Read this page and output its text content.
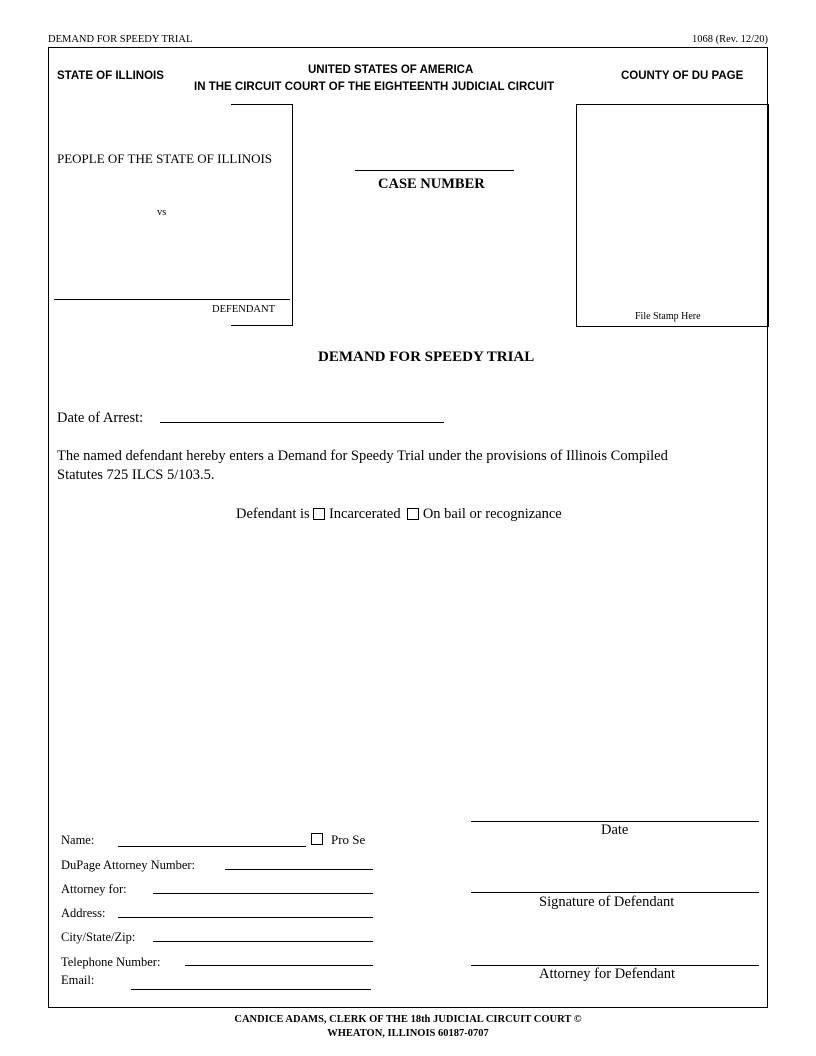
DEMAND FOR SPEEDY TRIAL	1068 (Rev. 12/20)
STATE OF ILLINOIS	UNITED STATES OF AMERICA
IN THE CIRCUIT COURT OF THE EIGHTEENTH JUDICIAL CIRCUIT
COUNTY OF DU PAGE
PEOPLE OF THE STATE OF ILLINOIS
vs
DEFENDANT
CASE NUMBER
File Stamp Here
DEMAND FOR SPEEDY TRIAL
Date of Arrest:
The named defendant hereby enters a Demand for Speedy Trial under the provisions of Illinois Compiled
Statutes 725 ILCS 5/103.5.
Defendant is Incarcerated On bail or recognizance
Name:	Pro Se
DuPage Attorney Number:
Attorney for:
Address:
City/State/Zip:
Telephone Number:
Email:
Date
Signature of Defendant
Attorney for Defendant
CANDICE ADAMS, CLERK OF THE 18th JUDICIAL CIRCUIT COURT ©
WHEATON, ILLINOIS 60187-0707
